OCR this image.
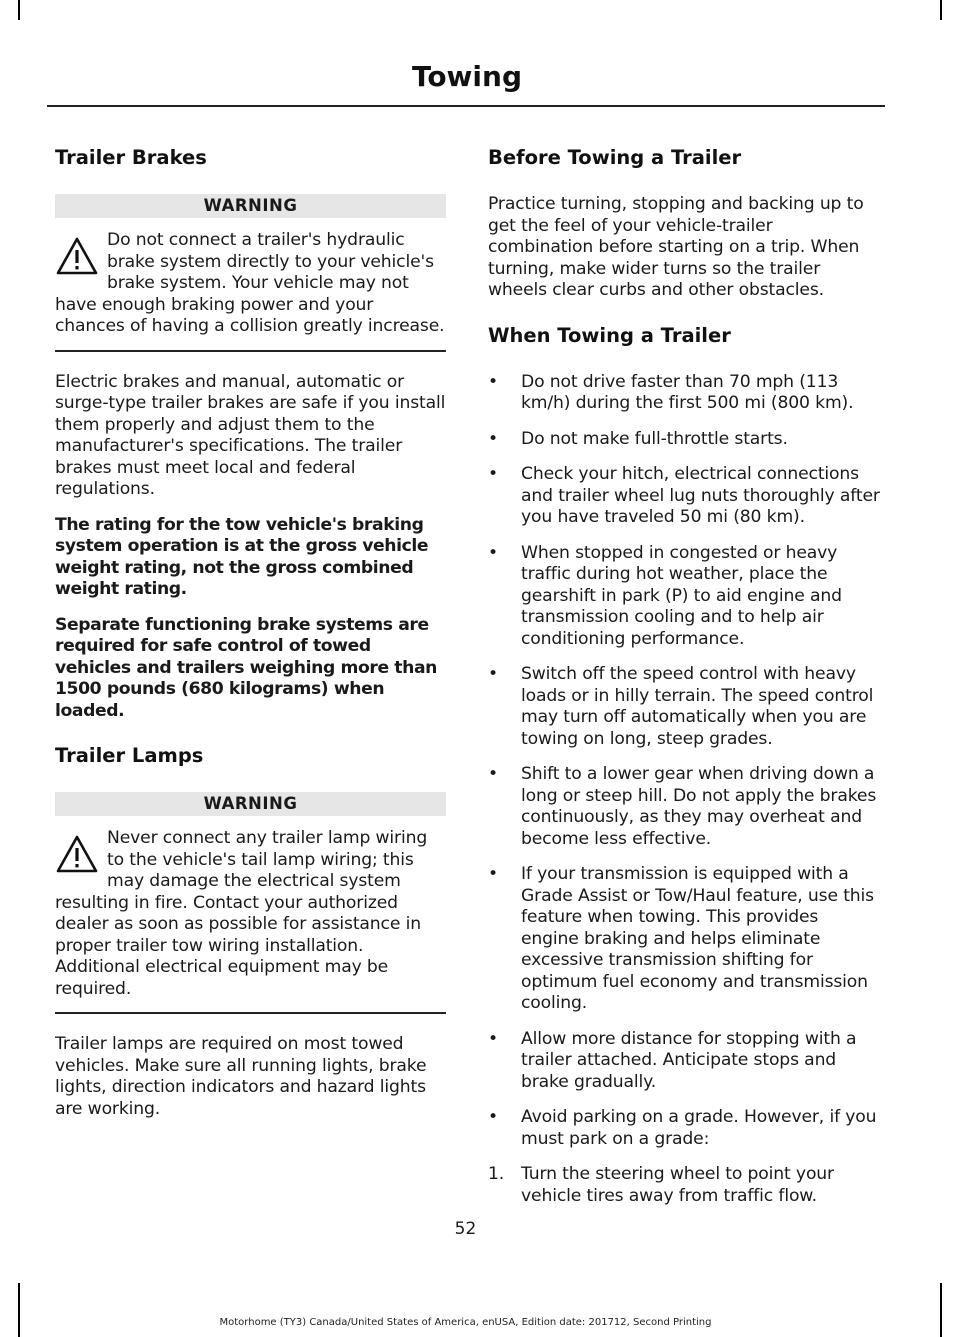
Towing
Trailer Brakes
WARNING

Do not connect a trailer's hydraulic brake system directly to your vehicle's brake system. Your vehicle may not have enough braking power and your chances of having a collision greatly increase.

Electric brakes and manual, automatic or surge-type trailer brakes are safe if you install them properly and adjust them to the manufacturer's specifications. The trailer brakes must meet local and federal regulations.

The rating for the tow vehicle's braking system operation is at the gross vehicle weight rating, not the gross combined weight rating.

Separate functioning brake systems are required for safe control of towed vehicles and trailers weighing more than 1500 pounds (680 kilograms) when loaded.

Trailer Lamps
WARNING

Never connect any trailer lamp wiring to the vehicle's tail lamp wiring; this may damage the electrical system resulting in fire. Contact your authorized dealer as soon as possible for assistance in proper trailer tow wiring installation. Additional electrical equipment may be required.

Trailer lamps are required on most towed vehicles. Make sure all running lights, brake lights, direction indicators and hazard lights are working.

Before Towing a Trailer

Practice turning, stopping and backing up to get the feel of your vehicle-trailer combination before starting on a trip. When turning, make wider turns so the trailer wheels clear curbs and other obstacles.

When Towing a Trailer
• Do not drive faster than 70 mph (113 km/h) during the first 500 mi (800 km).
• Do not make full-throttle starts.
• Check your hitch, electrical connections and trailer wheel lug nuts thoroughly after you have traveled 50 mi (80 km).
• When stopped in congested or heavy traffic during hot weather, place the gearshift in park (P) to aid engine and transmission cooling and to help air conditioning performance.
• Switch off the speed control with heavy loads or in hilly terrain. The speed control may turn off automatically when you are towing on long, steep grades.
• Shift to a lower gear when driving down a long or steep hill. Do not apply the brakes continuously, as they may overheat and become less effective.
• If your transmission is equipped with a Grade Assist or Tow/Haul feature, use this feature when towing. This provides engine braking and helps eliminate excessive transmission shifting for optimum fuel economy and transmission cooling.
• Allow more distance for stopping with a trailer attached. Anticipate stops and brake gradually.
• Avoid parking on a grade. However, if you must park on a grade:
1. Turn the steering wheel to point your vehicle tires away from traffic flow.
52
Motorhome (TY3) Canada/United States of America, enUSA, Edition date: 201712, Second Printing
